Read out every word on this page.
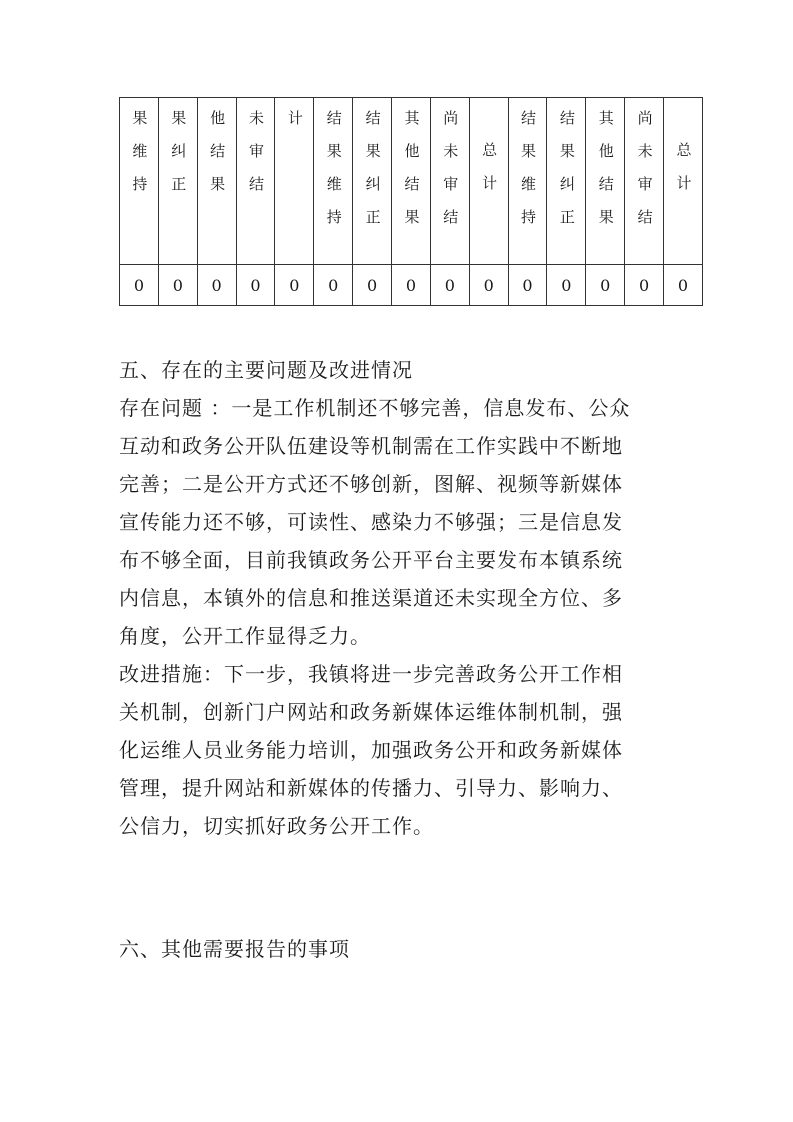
果维持	果纠正	他结果	未审结	计	结果维持	结果纠正	其他结果	尚未审结	总计	结果维持	结果纠正	其他结果	尚未审结	总计
0	0	0	0	0	0	0	0	0	0	0	0	0	0	0
五、存在的主要问题及改进情况
存在问题 ：一是工作机制还不够完善，信息发布、公众
互动和政务公开队伍建设等机制需在工作实践中不断地
完善；二是公开方式还不够创新，图解、视频等新媒体
宣传能力还不够，可读性、感染力不够强；三是信息发
布不够全面，目前我镇政务公开平台主要发布本镇系统
内信息，本镇外的信息和推送渠道还未实现全方位、多
角度，公开工作显得乏力。
改进措施：下一步，我镇将进一步完善政务公开工作相
关机制，创新门户网站和政务新媒体运维体制机制，强
化运维人员业务能力培训，加强政务公开和政务新媒体
管理，提升网站和新媒体的传播力、引导力、影响力、
公信力，切实抓好政务公开工作。
六、其他需要报告的事项
